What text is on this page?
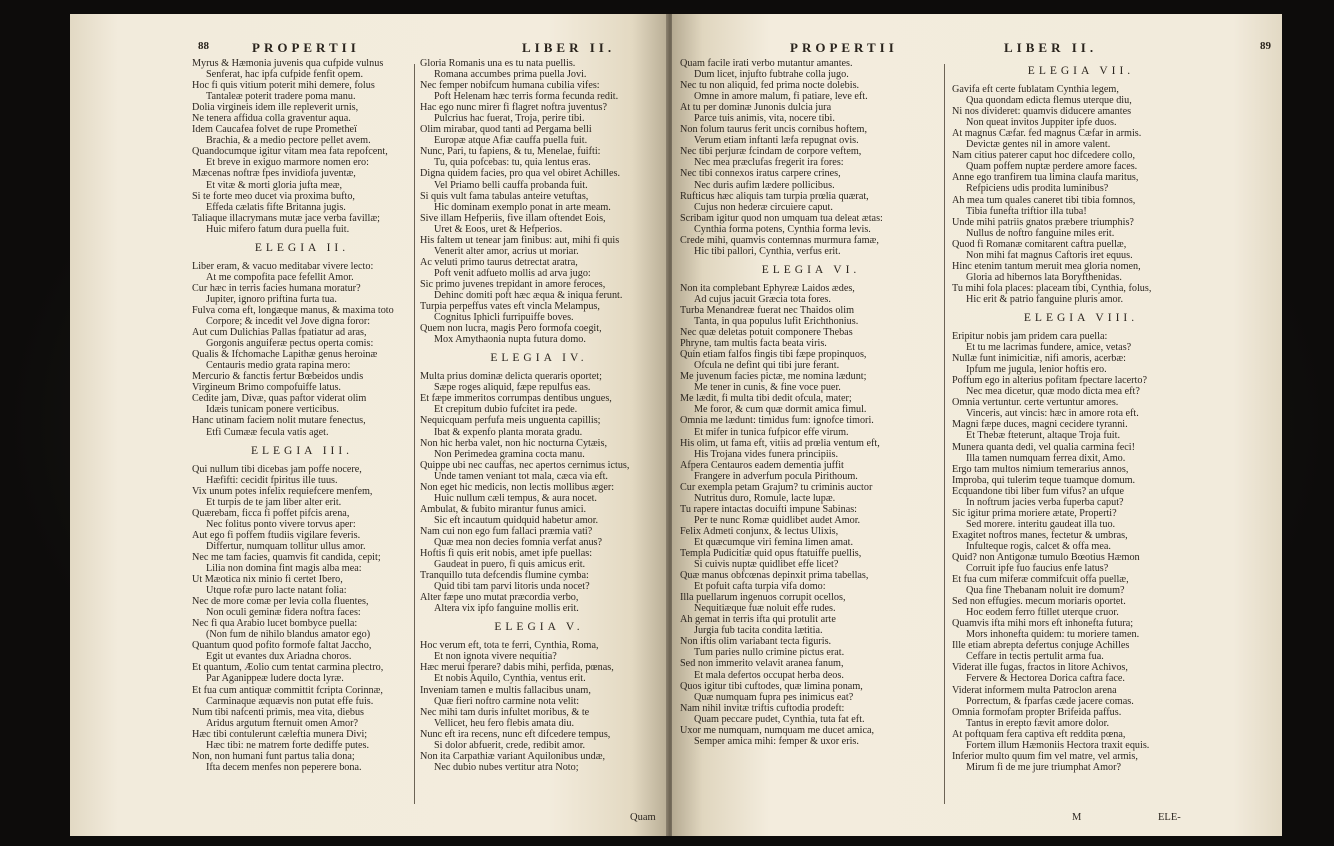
88	PROPERTII	LIBER II.
Myrus & Hæmonia juvenis qua cufpide vulnus
Senferat, hac ipfa cufpide fenfit opem.
Hoc fi quis vitium poterit mihi demere, folus
Tantaleæ poterit tradere poma manu.
Dolia virgineis idem ille repleverit urnis,
Ne tenera affidua colla graventur aqua.
Idem Caucafea folvet de rupe Prometheï
Brachia, & a medio pectore pellet avem.
Quandocumque igitur vitam mea fata repofcent,
Et breve in exiguo marmore nomen ero:
Mæcenas noftræ fpes invidiofa juventæ,
Et vitæ & morti gloria jufta meæ,
Si te forte meo ducet via proxima bufto,
Effeda cælatis fifte Britanna jugis.
Taliaque illacrymans mutæ jace verba favillæ;
Huic mifero fatum dura puella fuit.
ELEGIA II.
Liber eram, & vacuo meditabar vivere lecto:
At me compofita pace fefellit Amor.
Cur hæc in terris facies humana moratur?
Jupiter, ignoro priftina furta tua.
Fulva coma eft, longæque manus, & maxima toto
Corpore; & incedit vel Jove digna foror:
Aut cum Dulichias Pallas fpatiatur ad aras,
Gorgonis anguiferæ pectus operta comis:
Qualis & Ifchomache Lapithæ genus heroinæ
Centauris medio grata rapina mero:
Mercurio & fanctis fertur Bœbeidos undis
Virgineum Brimo compofuiffe latus.
Cedite jam, Divæ, quas paftor viderat olim
Idæis tunicam ponere verticibus.
Hanc utinam faciem nolit mutare fenectus,
Etfi Cumææ fecula vatis aget.
ELEGIA III.
Qui nullum tibi dicebas jam poffe nocere,
Hæfifti: cecidit fpiritus ille tuus.
Vix unum potes infelix requiefcere menfem,
Et turpis de te jam liber alter erit.
Quærebam, ficca fi poffet pifcis arena,
Nec folitus ponto vivere torvus aper:
Aut ego fi poffem ftudiis vigilare feveris.
Differtur, numquam tollitur ullus amor.
Nec me tam facies, quamvis fit candida, cepit;
Lilia non domina fint magis alba mea:
Ut Mæotica nix minio fi certet Ibero,
Utque rofæ puro lacte natant folia:
Nec de more comæ per levia colla fluentes,
Non oculi geminæ fidera noftra faces:
Nec fi qua Arabio lucet bombyce puella:
(Non fum de nihilo blandus amator ego)
Quantum quod pofito formofe faltat Jaccho,
Egit ut evantes dux Ariadna choros.
Et quantum, Æolio cum tentat carmina plectro,
Par Aganippeæ ludere docta lyræ.
Et fua cum antiquæ committit fcripta Corinnæ,
Carminaque æquævis non putat effe fuis.
Num tibi nafcenti primis, mea vita, diebus
Aridus argutum fternuit omen Amor?
Hæc tibi contulerunt cæleftia munera Divi;
Hæc tibi: ne matrem forte dediffe putes.
Non, non humani funt partus talia dona;
Ifta decem menfes non peperere bona.
Gloria Romanis una es tu nata puellis.
Romana accumbes prima puella Jovi.
Nec femper nobifcum humana cubilia vifes:
Poft Helenam hæc terris forma fecunda redit.
Hac ego nunc mirer fi flagret noftra juventus?
Pulcrius hac fuerat, Troja, perire tibi.
Olim mirabar, quod tanti ad Pergama belli
Europæ atque Afiæ cauffa puella fuit.
Nunc, Pari, tu fapiens, & tu, Menelae, fuifti:
Tu, quia pofcebas: tu, quia lentus eras.
Digna quidem facies, pro qua vel obiret Achilles.
Vel Priamo belli cauffa probanda fuit.
Si quis vult fama tabulas anteire vetuftas,
Hic dominam exemplo ponat in arte meam.
Sive illam Hefperiis, five illam oftendet Eois,
Uret & Eoos, uret & Hefperios.
His faltem ut tenear jam finibus: aut, mihi fi quis
Venerit alter amor, acrius ut moriar.
Ac veluti primo taurus detrectat aratra,
Poft venit adfueto mollis ad arva jugo:
Sic primo juvenes trepidant in amore feroces,
Dehinc domiti poft hæc æqua & iniqua ferunt.
Turpia perpeffus vates eft vincla Melampus,
Cognitus Iphicli furripuiffe boves.
Quem non lucra, magis Pero formofa coegit,
Mox Amythaonia nupta futura domo.
ELEGIA IV.
Multa prius dominæ delicta queraris oportet;
Sæpe roges aliquid, fæpe repulfus eas.
Et fæpe immeritos corrumpas dentibus ungues,
Et crepitum dubio fufcitet ira pede.
Nequicquam perfufa meis unguenta capillis;
Ibat & expenfo planta morata gradu.
Non hic herba valet, non hic nocturna Cytæis,
Non Perimedea gramina cocta manu.
Quippe ubi nec cauffas, nec apertos cernimus ictus,
Unde tamen veniant tot mala, cæca via eft.
Non eget hic medicis, non lectis mollibus æger:
Huic nullum cæli tempus, & aura nocet.
Ambulat, & fubito mirantur funus amici.
Sic eft incautum quidquid habetur amor.
Nam cui non ego fum fallaci præmia vati?
Quæ mea non decies fomnia verfat anus?
Hoftis fi quis erit nobis, amet ipfe puellas:
Gaudeat in puero, fi quis amicus erit.
Tranquillo tuta defcendis flumine cymba:
Quid tibi tam parvi litoris unda nocet?
Alter fæpe uno mutat præcordia verbo,
Altera vix ipfo fanguine mollis erit.
ELEGIA V.
Hoc verum eft, tota te ferri, Cynthia, Roma,
Et non ignota vivere nequitia?
Hæc merui fperare? dabis mihi, perfida, pœnas,
Et nobis Aquilo, Cynthia, ventus erit.
Inveniam tamen e multis fallacibus unam,
Quæ fieri noftro carmine nota velit:
Nec mihi tam duris infultet moribus, & te
Vellicet, heu fero flebis amata diu.
Nunc eft ira recens, nunc eft difcedere tempus,
Si dolor abfuerit, crede, redibit amor.
Non ita Carpathiæ variant Aquilonibus undæ,
Nec dubio nubes vertitur atra Noto;
Quam
PROPERTII	LIBER II.	89
Quam facile irati verbo mutantur amantes.
Dum licet, injufto fubtrahe colla jugo.
Nec tu non aliquid, fed prima nocte dolebis.
Omne in amore malum, fi patiare, leve eft.
At tu per dominæ Junonis dulcia jura
Parce tuis animis, vita, nocere tibi.
Non folum taurus ferit uncis cornibus hoftem,
Verum etiam inftanti læfa repugnat ovis.
Nec tibi perjuræ fcindam de corpore veftem,
Nec mea præclufas fregerit ira fores:
Nec tibi connexos iratus carpere crines,
Nec duris aufim lædere pollicibus.
Rufticus hæc aliquis tam turpia prœlia quærat,
Cujus non hederæ circuiere caput.
Scribam igitur quod non umquam tua deleat ætas:
Cynthia forma potens, Cynthia forma levis.
Crede mihi, quamvis contemnas murmura famæ,
Hic tibi pallori, Cynthia, verfus erit.
ELEGIA VI.
Non ita complebant Ephyreæ Laidos ædes,
Ad cujus jacuit Græcia tota fores.
Turba Menandreæ fuerat nec Thaidos olim
Tanta, in qua populus lufit Erichthonius.
Nec quæ deletas potuit componere Thebas
Phryne, tam multis facta beata viris.
Quin etiam falfos fingis tibi fæpe propinquos,
Ofcula ne defint qui tibi jure ferant.
Me juvenum facies pictæ, me nomina lædunt;
Me tener in cunis, & fine voce puer.
Me lædit, fi multa tibi dedit ofcula, mater;
Me foror, & cum quæ dormit amica fimul.
Omnia me lædunt: timidus fum: ignofce timori.
Et mifer in tunica fufpicor effe virum.
His olim, ut fama eft, vitiis ad prœlia ventum eft,
His Trojana vides funera principiis.
Afpera Centauros eadem dementia juffit
Frangere in adverfum pocula Pirithoum.
Cur exempla petam Grajum? tu criminis auctor
Nutritus duro, Romule, lacte lupæ.
Tu rapere intactas docuifti impune Sabinas:
Per te nunc Romæ quidlibet audet Amor.
Felix Admeti conjunx, & lectus Ulixis,
Et quæcumque viri femina limen amat.
Templa Pudicitiæ quid opus ftatuiffe puellis,
Si cuivis nuptæ quidlibet effe licet?
Quæ manus obfcœnas depinxit prima tabellas,
Et pofuit cafta turpia vifa domo:
Illa puellarum ingenuos corrupit ocellos,
Nequitiæque fuæ noluit effe rudes.
Ah gemat in terris ifta qui protulit arte
Jurgia fub tacita condita lætitia.
Non iftis olim variabant tecta figuris.
Tum paries nullo crimine pictus erat.
Sed non immerito velavit aranea fanum,
Et mala defertos occupat herba deos.
Quos igitur tibi cuftodes, quæ limina ponam,
Quæ numquam fupra pes inimicus eat?
Nam nihil invitæ triftis cuftodia prodeft:
Quam peccare pudet, Cynthia, tuta fat eft.
Uxor me numquam, numquam me ducet amica,
Semper amica mihi: femper & uxor eris.
ELEGIA VII.
Gavifa eft certe fublatam Cynthia legem,
Qua quondam edicta flemus uterque diu,
Ni nos divideret: quamvis diducere amantes
Non queat invitos Juppiter ipfe duos.
At magnus Cæfar. fed magnus Cæfar in armis.
Devictæ gentes nil in amore valent.
Nam citius paterer caput hoc difcedere collo,
Quam poffem nuptæ perdere amore faces.
Anne ego tranfirem tua limina claufa maritus,
Refpiciens udis prodita luminibus?
Ah mea tum quales caneret tibi tibia fomnos,
Tibia funefta triftior illa tuba!
Unde mihi patriis gnatos præbere triumphis?
Nullus de noftro fanguine miles erit.
Quod fi Romanæ comitarent caftra puellæ,
Non mihi fat magnus Caftoris iret equus.
Hinc etenim tantum meruit mea gloria nomen,
Gloria ad hibernos lata Boryfthenidas.
Tu mihi fola places: placeam tibi, Cynthia, folus,
Hic erit & patrio fanguine pluris amor.
ELEGIA VIII.
Eripitur nobis jam pridem cara puella:
Et tu me lacrimas fundere, amice, vetas?
Nullæ funt inimicitiæ, nifi amoris, acerbæ:
Ipfum me jugula, lenior hoftis ero.
Poffum ego in alterius pofitam fpectare lacerto?
Nec mea dicetur, quæ modo dicta mea eft?
Omnia vertuntur. certe vertuntur amores.
Vinceris, aut vincis: hæc in amore rota eft.
Magni fæpe duces, magni cecidere tyranni.
Et Thebæ fteterunt, altaque Troja fuit.
Munera quanta dedi, vel qualia carmina feci!
Illa tamen numquam ferrea dixit, Amo.
Ergo tam multos nimium temerarius annos,
Improba, qui tulerim teque tuamque domum.
Ecquandone tibi liber fum vifus? an ufque
In noftrum jacies verba fuperba caput?
Sic igitur prima moriere ætate, Properti?
Sed morere. interitu gaudeat illa tuo.
Exagitet noftros manes, fectetur & umbras,
Infulteque rogis, calcet & offa mea.
Quid? non Antigonæ tumulo Bœotius Hæmon
Corruit ipfe fuo faucius enfe latus?
Et fua cum miferæ commifcuit offa puellæ,
Qua fine Thebanam noluit ire domum?
Sed non effugies. mecum moriaris oportet.
Hoc eodem ferro ftillet uterque cruor.
Quamvis ifta mihi mors eft inhonefta futura;
Mors inhonefta quidem: tu moriere tamen.
Ille etiam abrepta defertus conjuge Achilles
Ceffare in tectis pertulit arma fua.
Viderat ille fugas, fractos in litore Achivos,
Fervere & Hectorea Dorica caftra face.
Viderat informem multa Patroclon arena
Porrectum, & fparfas cæde jacere comas.
Omnia formofam propter Brifeida paffus.
Tantus in erepto fævit amore dolor.
At poftquam fera captiva eft reddita pœna,
Fortem illum Hæmoniis Hectora traxit equis.
Inferior multo quum fim vel matre, vel armis,
Mirum fi de me jure triumphat Amor?
M	ELE-
